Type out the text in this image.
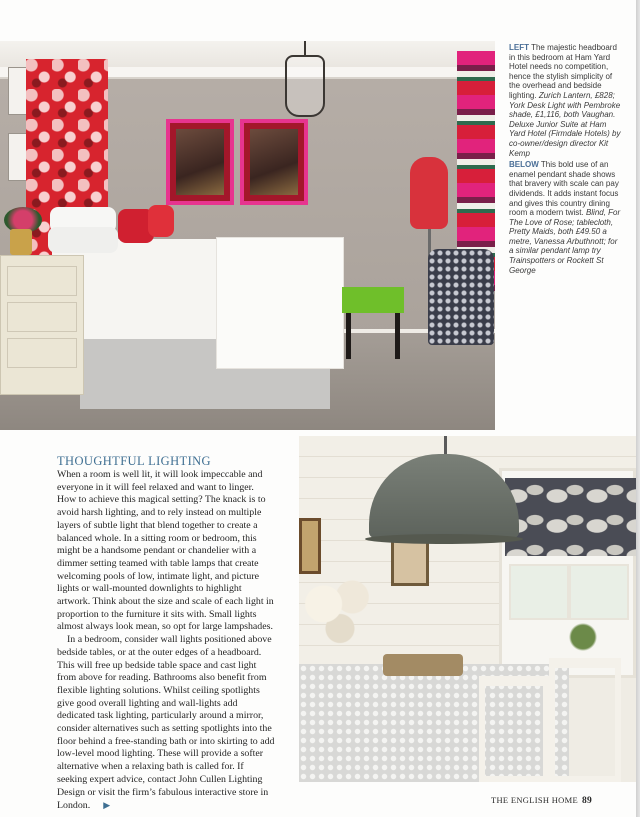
LEFT The majestic headboard in this bedroom at Ham Yard Hotel needs no competition, hence the stylish simplicity of the overhead and bedside lighting. Zurich Lantern, £828; York Desk Light with Pembroke shade, £1,116, both Vaughan. Deluxe Junior Suite at Ham Yard Hotel (Firmdale Hotels) by co-owner/design director Kit Kemp

BELOW This bold use of an enamel pendant shade shows that bravery with scale can pay dividends. It adds instant focus and gives this country dining room a modern twist. Blind, For The Love of Rose; tablecloth, Pretty Maids, both £49.50 a metre, Vanessa Arbuthnott; for a similar pendant lamp try Trainspotters or Rockett St George

THOUGHTFUL LIGHTING

When a room is well lit, it will look impeccable and everyone in it will feel relaxed and want to linger. How to achieve this magical setting? The knack is to avoid harsh lighting, and to rely instead on multiple layers of subtle light that blend together to create a balanced whole. In a sitting room or bedroom, this might be a handsome pendant or chandelier with a dimmer setting teamed with table lamps that create welcoming pools of low, intimate light, and picture lights or wall-mounted downlights to highlight artwork. Think about the size and scale of each light in proportion to the furniture it sits with. Small lights almost always look mean, so opt for large lampshades.

In a bedroom, consider wall lights positioned above bedside tables, or at the outer edges of a headboard. This will free up bedside table space and cast light from above for reading. Bathrooms also benefit from flexible lighting solutions. Whilst ceiling spotlights give good overall lighting and wall-lights add dedicated task lighting, particularly around a mirror, consider alternatives such as setting spotlights into the floor behind a free-standing bath or into skirting to add low-level mood lighting. These will provide a softer alternative when a relaxing bath is called for. If seeking expert advice, contact John Cullen Lighting Design or visit the firm’s fabulous interactive store in London. ▶

THE ENGLISH HOME 89
